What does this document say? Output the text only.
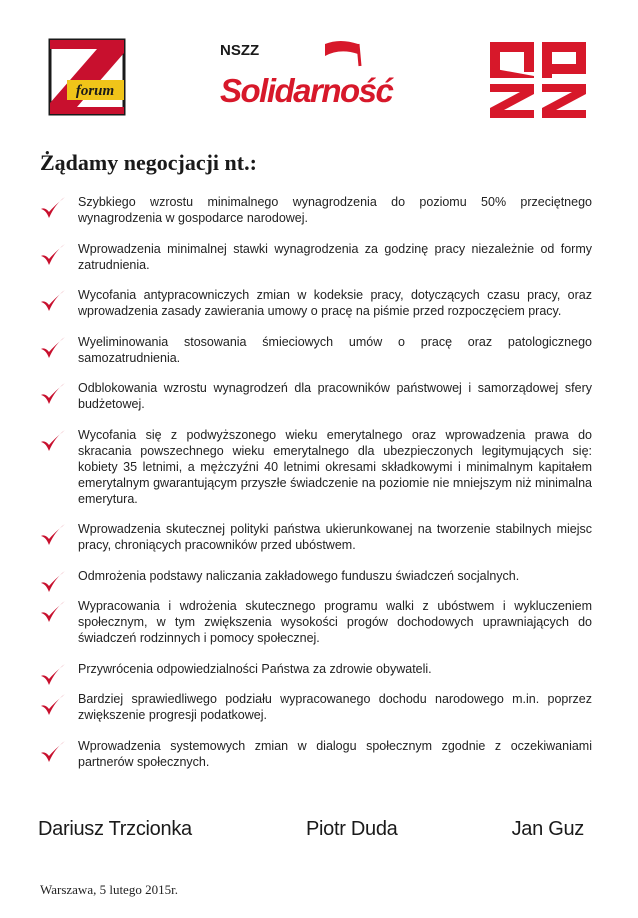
forum
NSZZ
Solidarność
Żądamy negocjacji nt.:
Szybkiego wzrostu minimalnego wynagrodzenia do poziomu 50% przeciętnego wynagrodzenia w gospodarce narodowej.
Wprowadzenia minimalnej stawki wynagrodzenia za godzinę pracy niezależnie od formy zatrudnienia.
Wycofania antypracowniczych zmian w kodeksie pracy, dotyczących czasu pracy, oraz wprowadzenia zasady zawierania umowy o pracę na piśmie przed rozpoczęciem pracy.
Wyeliminowania stosowania śmieciowych umów o pracę oraz patologicznego samozatrudnienia.
Odblokowania wzrostu wynagrodzeń dla pracowników państwowej i samorządowej sfery budżetowej.
Wycofania się z podwyższonego wieku emerytalnego oraz wprowadzenia prawa do skracania powszechnego wieku emerytalnego dla ubezpieczonych legitymujących się: kobiety 35 letnimi, a mężczyźni 40 letnimi okresami składkowymi i minimalnym kapitałem emerytalnym gwarantującym przyszłe świadczenie na poziomie nie mniejszym niż minimalna emerytura.
Wprowadzenia skutecznej polityki państwa ukierunkowanej na tworzenie stabilnych miejsc pracy, chroniących pracowników przed ubóstwem.
Odmrożenia podstawy naliczania zakładowego funduszu świadczeń socjalnych.
Wypracowania i wdrożenia skutecznego programu walki z ubóstwem i wykluczeniem społecznym, w tym zwiększenia wysokości progów dochodowych uprawniających do świadczeń rodzinnych i pomocy społecznej.
Przywrócenia odpowiedzialności Państwa za zdrowie obywateli.
Bardziej sprawiedliwego podziału wypracowanego dochodu narodowego m.in. poprzez zwiększenie progresji podatkowej.
Wprowadzenia systemowych zmian w dialogu społecznym zgodnie z oczekiwaniami partnerów społecznych.
Dariusz Trzcionka	Piotr Duda	Jan Guz
Warszawa, 5 lutego 2015r.
